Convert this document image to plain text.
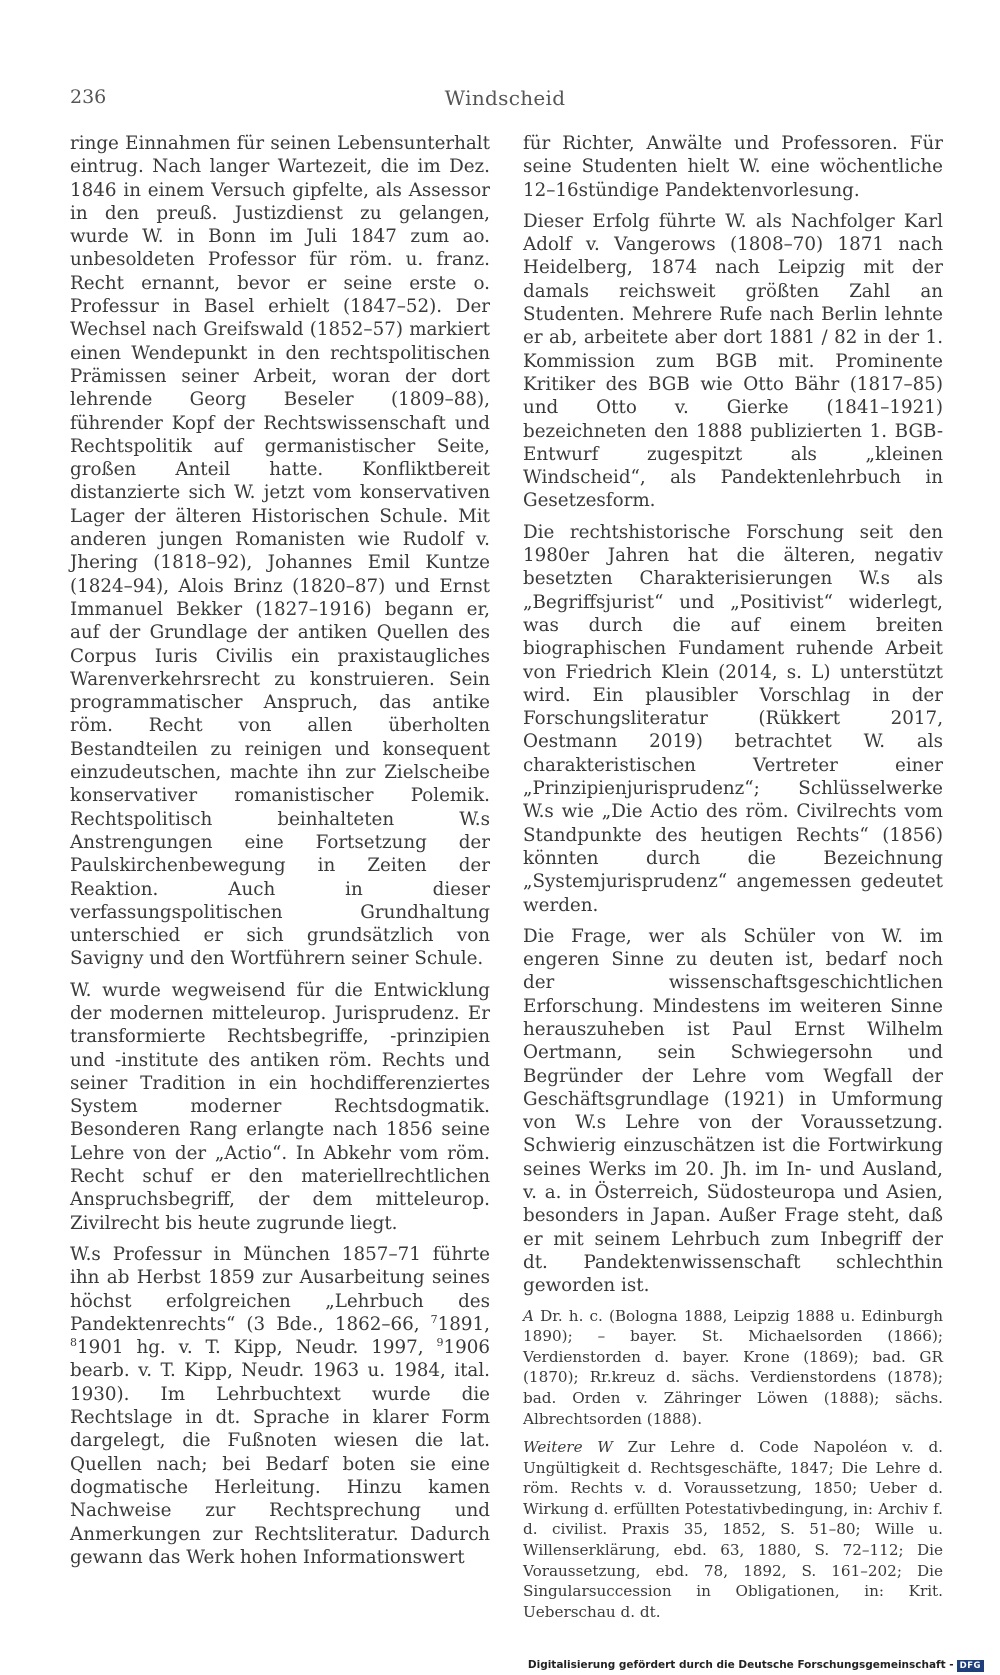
236	Windscheid

ringe Einnahmen für seinen Lebensunterhalt eintrug. Nach langer Wartezeit, die im Dez. 1846 in einem Versuch gipfelte, als Assessor in den preuß. Justizdienst zu gelangen, wurde W. in Bonn im Juli 1847 zum ao. unbesoldeten Professor für röm. u. franz. Recht ernannt, bevor er seine erste o. Professur in Basel erhielt (1847–52). Der Wechsel nach Greifswald (1852–57) markiert einen Wendepunkt in den rechtspolitischen Prämissen seiner Arbeit, woran der dort lehrende Georg Beseler (1809–88), führender Kopf der Rechtswissenschaft und Rechtspolitik auf germanistischer Seite, großen Anteil hatte. Konfliktbereit distanzierte sich W. jetzt vom konservativen Lager der älteren Historischen Schule. Mit anderen jungen Romanisten wie Rudolf v. Jhering (1818–92), Johannes Emil Kuntze (1824–94), Alois Brinz (1820–87) und Ernst Immanuel Bekker (1827–1916) begann er, auf der Grundlage der antiken Quellen des Corpus Iuris Civilis ein praxistaugliches Warenverkehrsrecht zu konstruieren. Sein programmatischer Anspruch, das antike röm. Recht von allen überholten Bestandteilen zu reinigen und konsequent einzudeutschen, machte ihn zur Zielscheibe konservativer romanistischer Polemik. Rechtspolitisch beinhalteten W.s Anstrengungen eine Fortsetzung der Paulskirchenbewegung in Zeiten der Reaktion. Auch in dieser verfassungspolitischen Grundhaltung unterschied er sich grundsätzlich von Savigny und den Wortführern seiner Schule.

W. wurde wegweisend für die Entwicklung der modernen mitteleurop. Jurisprudenz. Er transformierte Rechtsbegriffe, -prinzipien und -institute des antiken röm. Rechts und seiner Tradition in ein hochdifferenziertes System moderner Rechtsdogmatik. Besonderen Rang erlangte nach 1856 seine Lehre von der „Actio“. In Abkehr vom röm. Recht schuf er den materiellrechtlichen Anspruchsbegriff, der dem mitteleurop. Zivilrecht bis heute zugrunde liegt.

W.s Professur in München 1857–71 führte ihn ab Herbst 1859 zur Ausarbeitung seines höchst erfolgreichen „Lehrbuch des Pandektenrechts“ (3 Bde., 1862–66, $^7$1891, $^8$1901 hg. v. T. Kipp, Neudr. 1997, $^9$1906 bearb. v. T. Kipp, Neudr. 1963 u. 1984, ital. 1930). Im Lehrbuchtext wurde die Rechtslage in dt. Sprache in klarer Form dargelegt, die Fußnoten wiesen die lat. Quellen nach; bei Bedarf boten sie eine dogmatische Herleitung. Hinzu kamen Nachweise zur Rechtsprechung und Anmerkungen zur Rechtsliteratur. Dadurch gewann das Werk hohen Informationswert

für Richter, Anwälte und Professoren. Für seine Studenten hielt W. eine wöchentliche 12–16stündige Pandektenvorlesung.

Dieser Erfolg führte W. als Nachfolger Karl Adolf v. Vangerows (1808–70) 1871 nach Heidelberg, 1874 nach Leipzig mit der damals reichsweit größten Zahl an Studenten. Mehrere Rufe nach Berlin lehnte er ab, arbeitete aber dort 1881 / 82 in der 1. Kommission zum BGB mit. Prominente Kritiker des BGB wie Otto Bähr (1817–85) und Otto v. Gierke (1841–1921) bezeichneten den 1888 publizierten 1. BGB-Entwurf zugespitzt als „kleinen Windscheid“, als Pandektenlehrbuch in Gesetzesform.

Die rechtshistorische Forschung seit den 1980er Jahren hat die älteren, negativ besetzten Charakterisierungen W.s als „Begriffsjurist“ und „Positivist“ widerlegt, was durch die auf einem breiten biographischen Fundament ruhende Arbeit von Friedrich Klein (2014, s. L) unterstützt wird. Ein plausibler Vorschlag in der Forschungsliteratur (Rükkert 2017, Oestmann 2019) betrachtet W. als charakteristischen Vertreter einer „Prinzipienjurisprudenz“; Schlüsselwerke W.s wie „Die Actio des röm. Civilrechts vom Standpunkte des heutigen Rechts“ (1856) könnten durch die Bezeichnung „Systemjurisprudenz“ angemessen gedeutet werden.

Die Frage, wer als Schüler von W. im engeren Sinne zu deuten ist, bedarf noch der wissenschaftsgeschichtlichen Erforschung. Mindestens im weiteren Sinne herauszuheben ist Paul Ernst Wilhelm Oertmann, sein Schwiegersohn und Begründer der Lehre vom Wegfall der Geschäftsgrundlage (1921) in Umformung von W.s Lehre von der Voraussetzung. Schwierig einzuschätzen ist die Fortwirkung seines Werks im 20. Jh. im In- und Ausland, v. a. in Österreich, Südosteuropa und Asien, besonders in Japan. Außer Frage steht, daß er mit seinem Lehrbuch zum Inbegriff der dt. Pandektenwissenschaft schlechthin geworden ist.

A Dr. h. c. (Bologna 1888, Leipzig 1888 u. Edinburgh 1890); – bayer. St. Michaelsorden (1866); Verdienstorden d. bayer. Krone (1869); bad. GR (1870); Rr.kreuz d. sächs. Verdienstordens (1878); bad. Orden v. Zähringer Löwen (1888); sächs. Albrechtsorden (1888).

Weitere W Zur Lehre d. Code Napoléon v. d. Ungültigkeit d. Rechtsgeschäfte, 1847; Die Lehre d. röm. Rechts v. d. Voraussetzung, 1850; Ueber d. Wirkung d. erfüllten Potestativbedingung, in: Archiv f. d. civilist. Praxis 35, 1852, S. 51–80; Wille u. Willenserklärung, ebd. 63, 1880, S. 72–112; Die Voraussetzung, ebd. 78, 1892, S. 161–202; Die Singularsuccession in Obligationen, in: Krit. Ueberschau d. dt.

Digitalisierung gefördert durch die Deutsche Forschungsgemeinschaft - DFG
